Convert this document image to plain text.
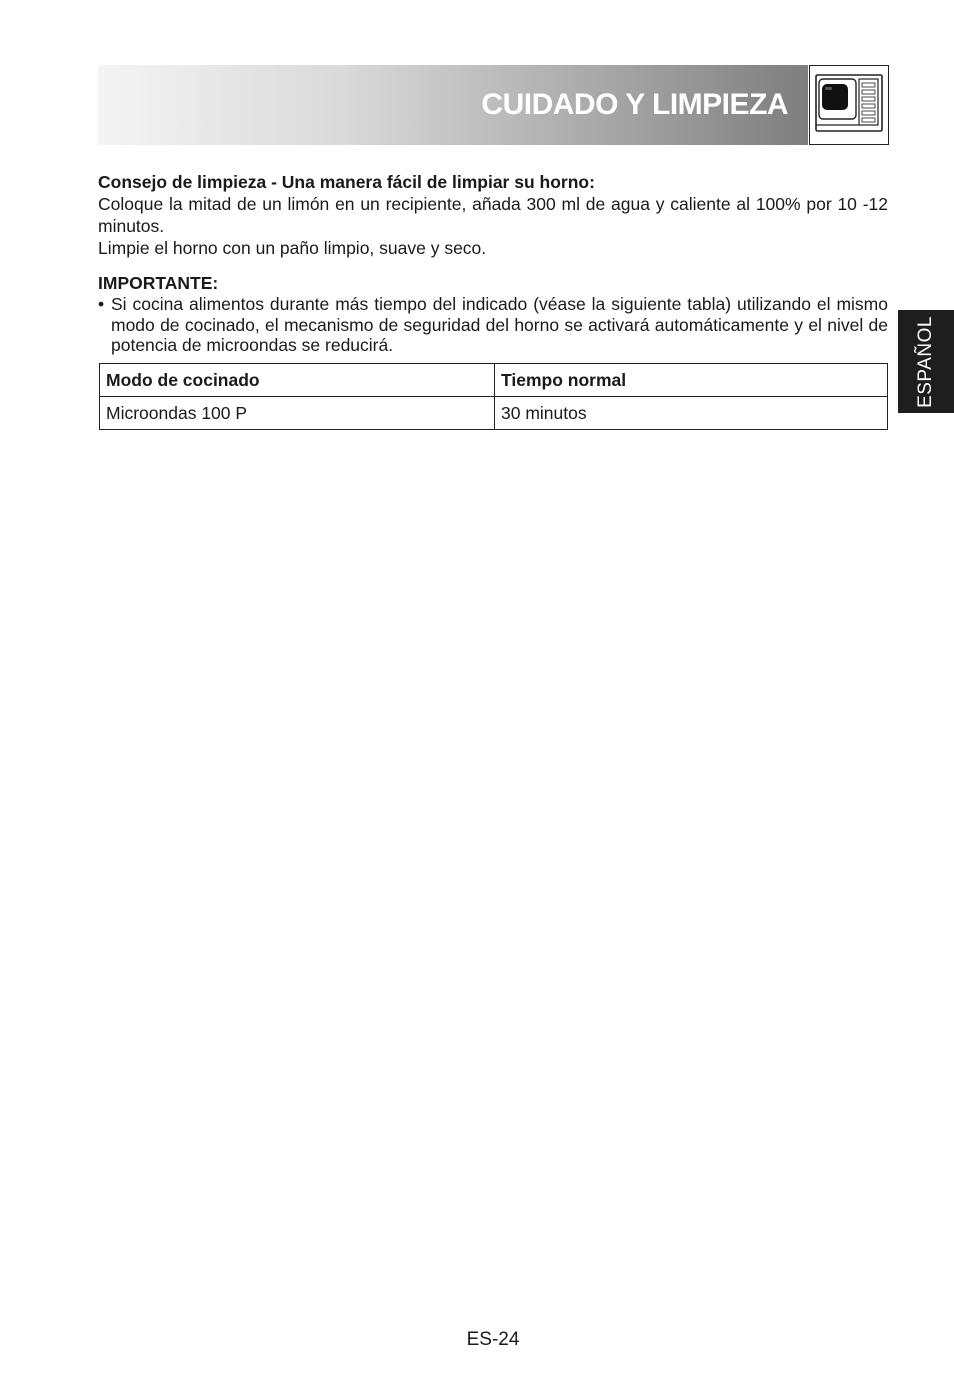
CUIDADO Y LIMPIEZA
ESPAÑOL

Consejo de limpieza - Una manera fácil de limpiar su horno:

Coloque la mitad de un limón en un recipiente, añada 300 ml de agua y caliente al 100% por 10 -12 minutos.

Limpie el horno con un paño limpio, suave y seco.

IMPORTANTE:

• Si cocina alimentos durante más tiempo del indicado (véase la siguiente tabla) utilizando el mismo modo de cocinado, el mecanismo de seguridad del horno se activará automáticamente y el nivel de potencia de microondas se reducirá.
Modo de cocinado	Tiempo normal
Microondas 100 P	30 minutos
ES-24
